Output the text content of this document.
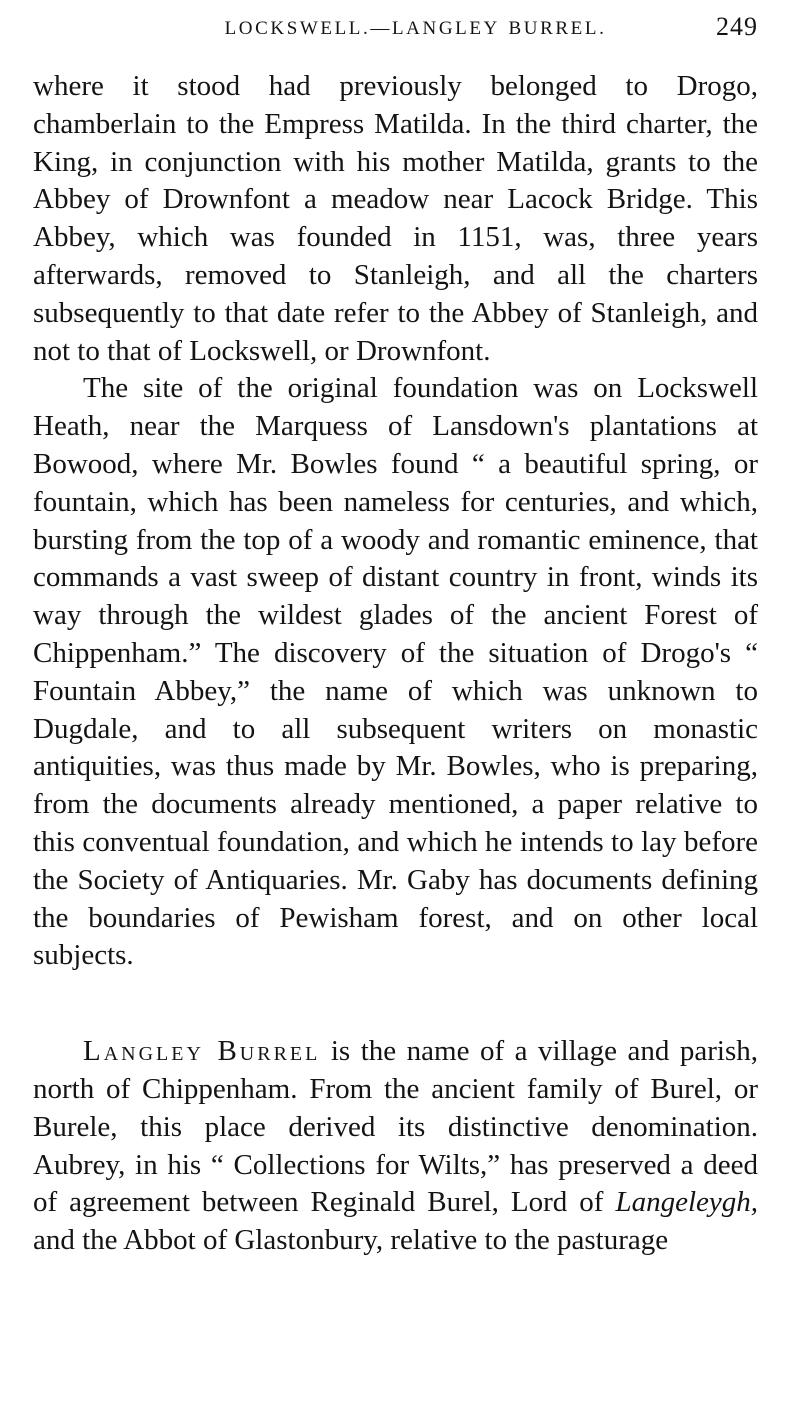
LOCKSWELL.—LANGLEY BURREL.	249

where it stood had previously belonged to Drogo, chamberlain to the Empress Matilda. In the third charter, the King, in conjunction with his mother Matilda, grants to the Abbey of Drownfont a meadow near Lacock Bridge. This Abbey, which was founded in 1151, was, three years afterwards, removed to Stanleigh, and all the charters subsequently to that date refer to the Abbey of Stanleigh, and not to that of Lockswell, or Drownfont.

The site of the original foundation was on Lockswell Heath, near the Marquess of Lansdown's plantations at Bowood, where Mr. Bowles found “ a beautiful spring, or fountain, which has been nameless for centuries, and which, bursting from the top of a woody and romantic eminence, that commands a vast sweep of distant country in front, winds its way through the wildest glades of the ancient Forest of Chippenham.” The discovery of the situation of Drogo's “ Fountain Abbey,” the name of which was unknown to Dugdale, and to all subsequent writers on monastic antiquities, was thus made by Mr. Bowles, who is preparing, from the documents already mentioned, a paper relative to this conventual foundation, and which he intends to lay before the Society of Antiquaries. Mr. Gaby has documents defining the boundaries of Pewisham forest, and on other local subjects.

Langley Burrel is the name of a village and parish, north of Chippenham. From the ancient family of Burel, or Burele, this place derived its distinctive denomination. Aubrey, in his “ Collections for Wilts,” has preserved a deed of agreement between Reginald Burel, Lord of Langeleygh, and the Abbot of Glastonbury, relative to the pasturage
